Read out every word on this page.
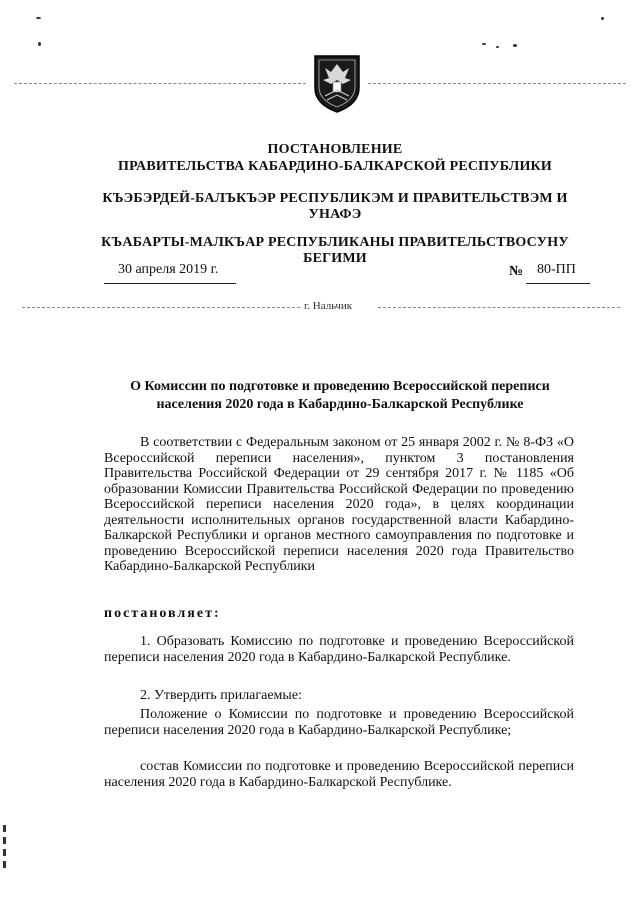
ПОСТАНОВЛЕНИЕ
ПРАВИТЕЛЬСТВА КАБАРДИНО-БАЛКАРСКОЙ РЕСПУБЛИКИ
КЪЭБЭРДЕЙ-БАЛЪКЪЭР РЕСПУБЛИКЭМ И ПРАВИТЕЛЬСТВЭМ И
УНАФЭ
КЪАБАРТЫ-МАЛКЪАР РЕСПУБЛИКАНЫ ПРАВИТЕЛЬСТВОСУНУ
БЕГИМИ
30 апреля 2019 г.	№ 80-ПП
г. Нальчик
О Комиссии по подготовке и проведению Всероссийской переписи
населения 2020 года в Кабардино-Балкарской Республике
В соответствии с Федеральным законом от 25 января 2002 г. № 8-ФЗ «О Всероссийской переписи населения», пунктом 3 постановления Правительства Российской Федерации от 29 сентября 2017 г. № 1185 «Об образовании Комиссии Правительства Российской Федерации по проведению Всероссийской переписи населения 2020 года», в целях координации деятельности исполнительных органов государственной власти Кабардино-Балкарской Республики и органов местного самоуправления по подготовке и проведению Всероссийской переписи населения 2020 года Правительство Кабардино-Балкарской Республики
постановляет:
1. Образовать Комиссию по подготовке и проведению Всероссийской переписи населения 2020 года в Кабардино-Балкарской Республике.
2. Утвердить прилагаемые:
Положение о Комиссии по подготовке и проведению Всероссийской переписи населения 2020 года в Кабардино-Балкарской Республике;
состав Комиссии по подготовке и проведению Всероссийской переписи населения 2020 года в Кабардино-Балкарской Республике.
